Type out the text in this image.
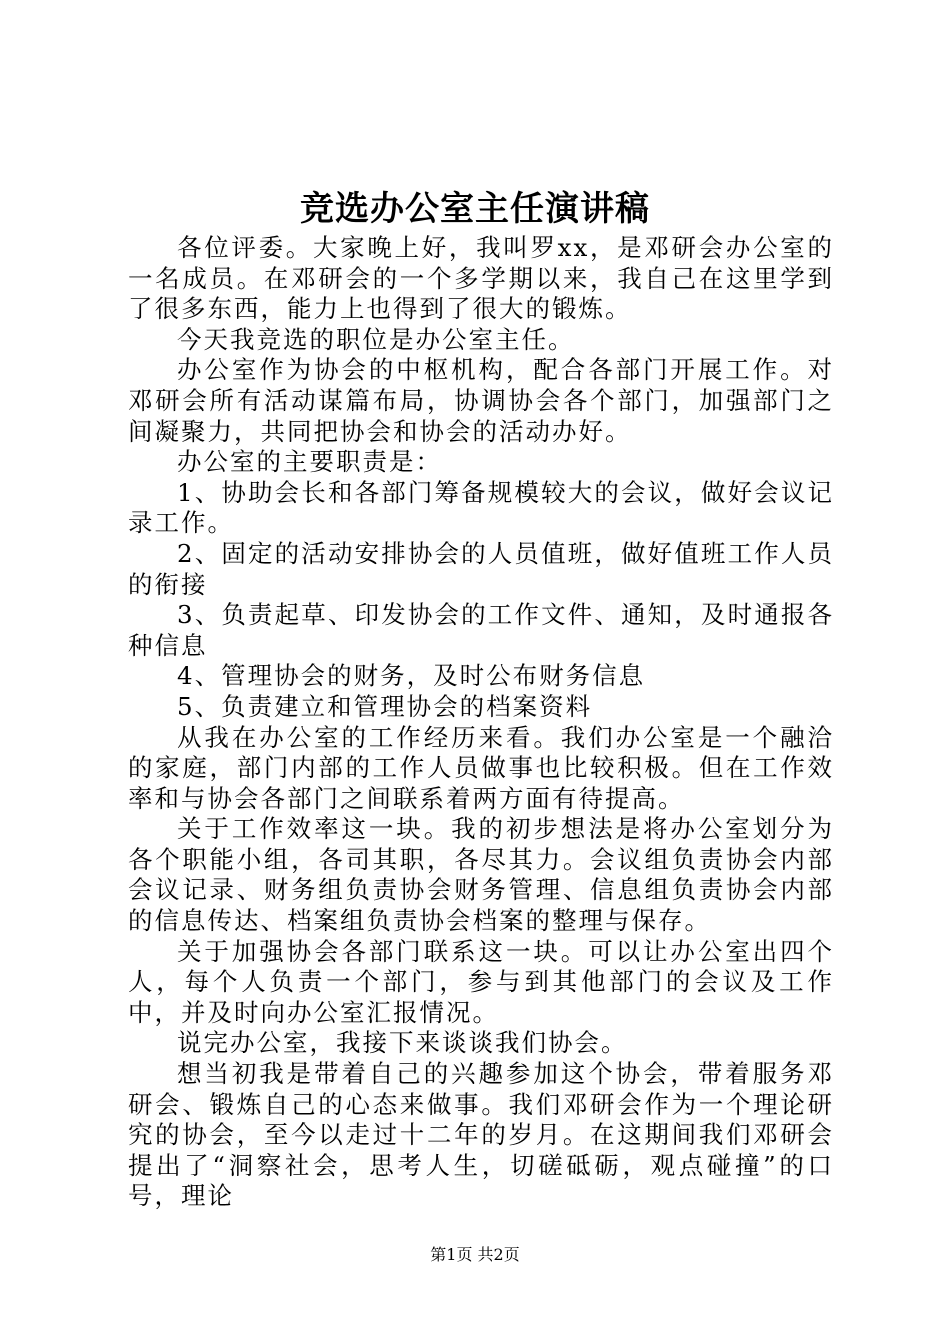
竞选办公室主任演讲稿

各位评委。大家晚上好，我叫罗xx，是邓研会办公室的一名成员。在邓研会的一个多学期以来，我自己在这里学到了很多东西，能力上也得到了很大的锻炼。

今天我竞选的职位是办公室主任。

办公室作为协会的中枢机构，配合各部门开展工作。对邓研会所有活动谋篇布局，协调协会各个部门，加强部门之间凝聚力，共同把协会和协会的活动办好。

办公室的主要职责是：

1、协助会长和各部门筹备规模较大的会议，做好会议记录工作。

2、固定的活动安排协会的人员值班，做好值班工作人员的衔接

3、负责起草、印发协会的工作文件、通知，及时通报各种信息

4、管理协会的财务，及时公布财务信息

5、负责建立和管理协会的档案资料

从我在办公室的工作经历来看。我们办公室是一个融洽的家庭，部门内部的工作人员做事也比较积极。但在工作效率和与协会各部门之间联系着两方面有待提高。

关于工作效率这一块。我的初步想法是将办公室划分为各个职能小组，各司其职，各尽其力。会议组负责协会内部会议记录、财务组负责协会财务管理、信息组负责协会内部的信息传达、档案组负责协会档案的整理与保存。

关于加强协会各部门联系这一块。可以让办公室出四个人，每个人负责一个部门，参与到其他部门的会议及工作中，并及时向办公室汇报情况。

说完办公室，我接下来谈谈我们协会。

想当初我是带着自己的兴趣参加这个协会，带着服务邓研会、锻炼自己的心态来做事。我们邓研会作为一个理论研究的协会，至今以走过十二年的岁月。在这期间我们邓研会提出了“洞察社会，思考人生，切磋砥砺，观点碰撞”的口号，理论

第1页 共2页
